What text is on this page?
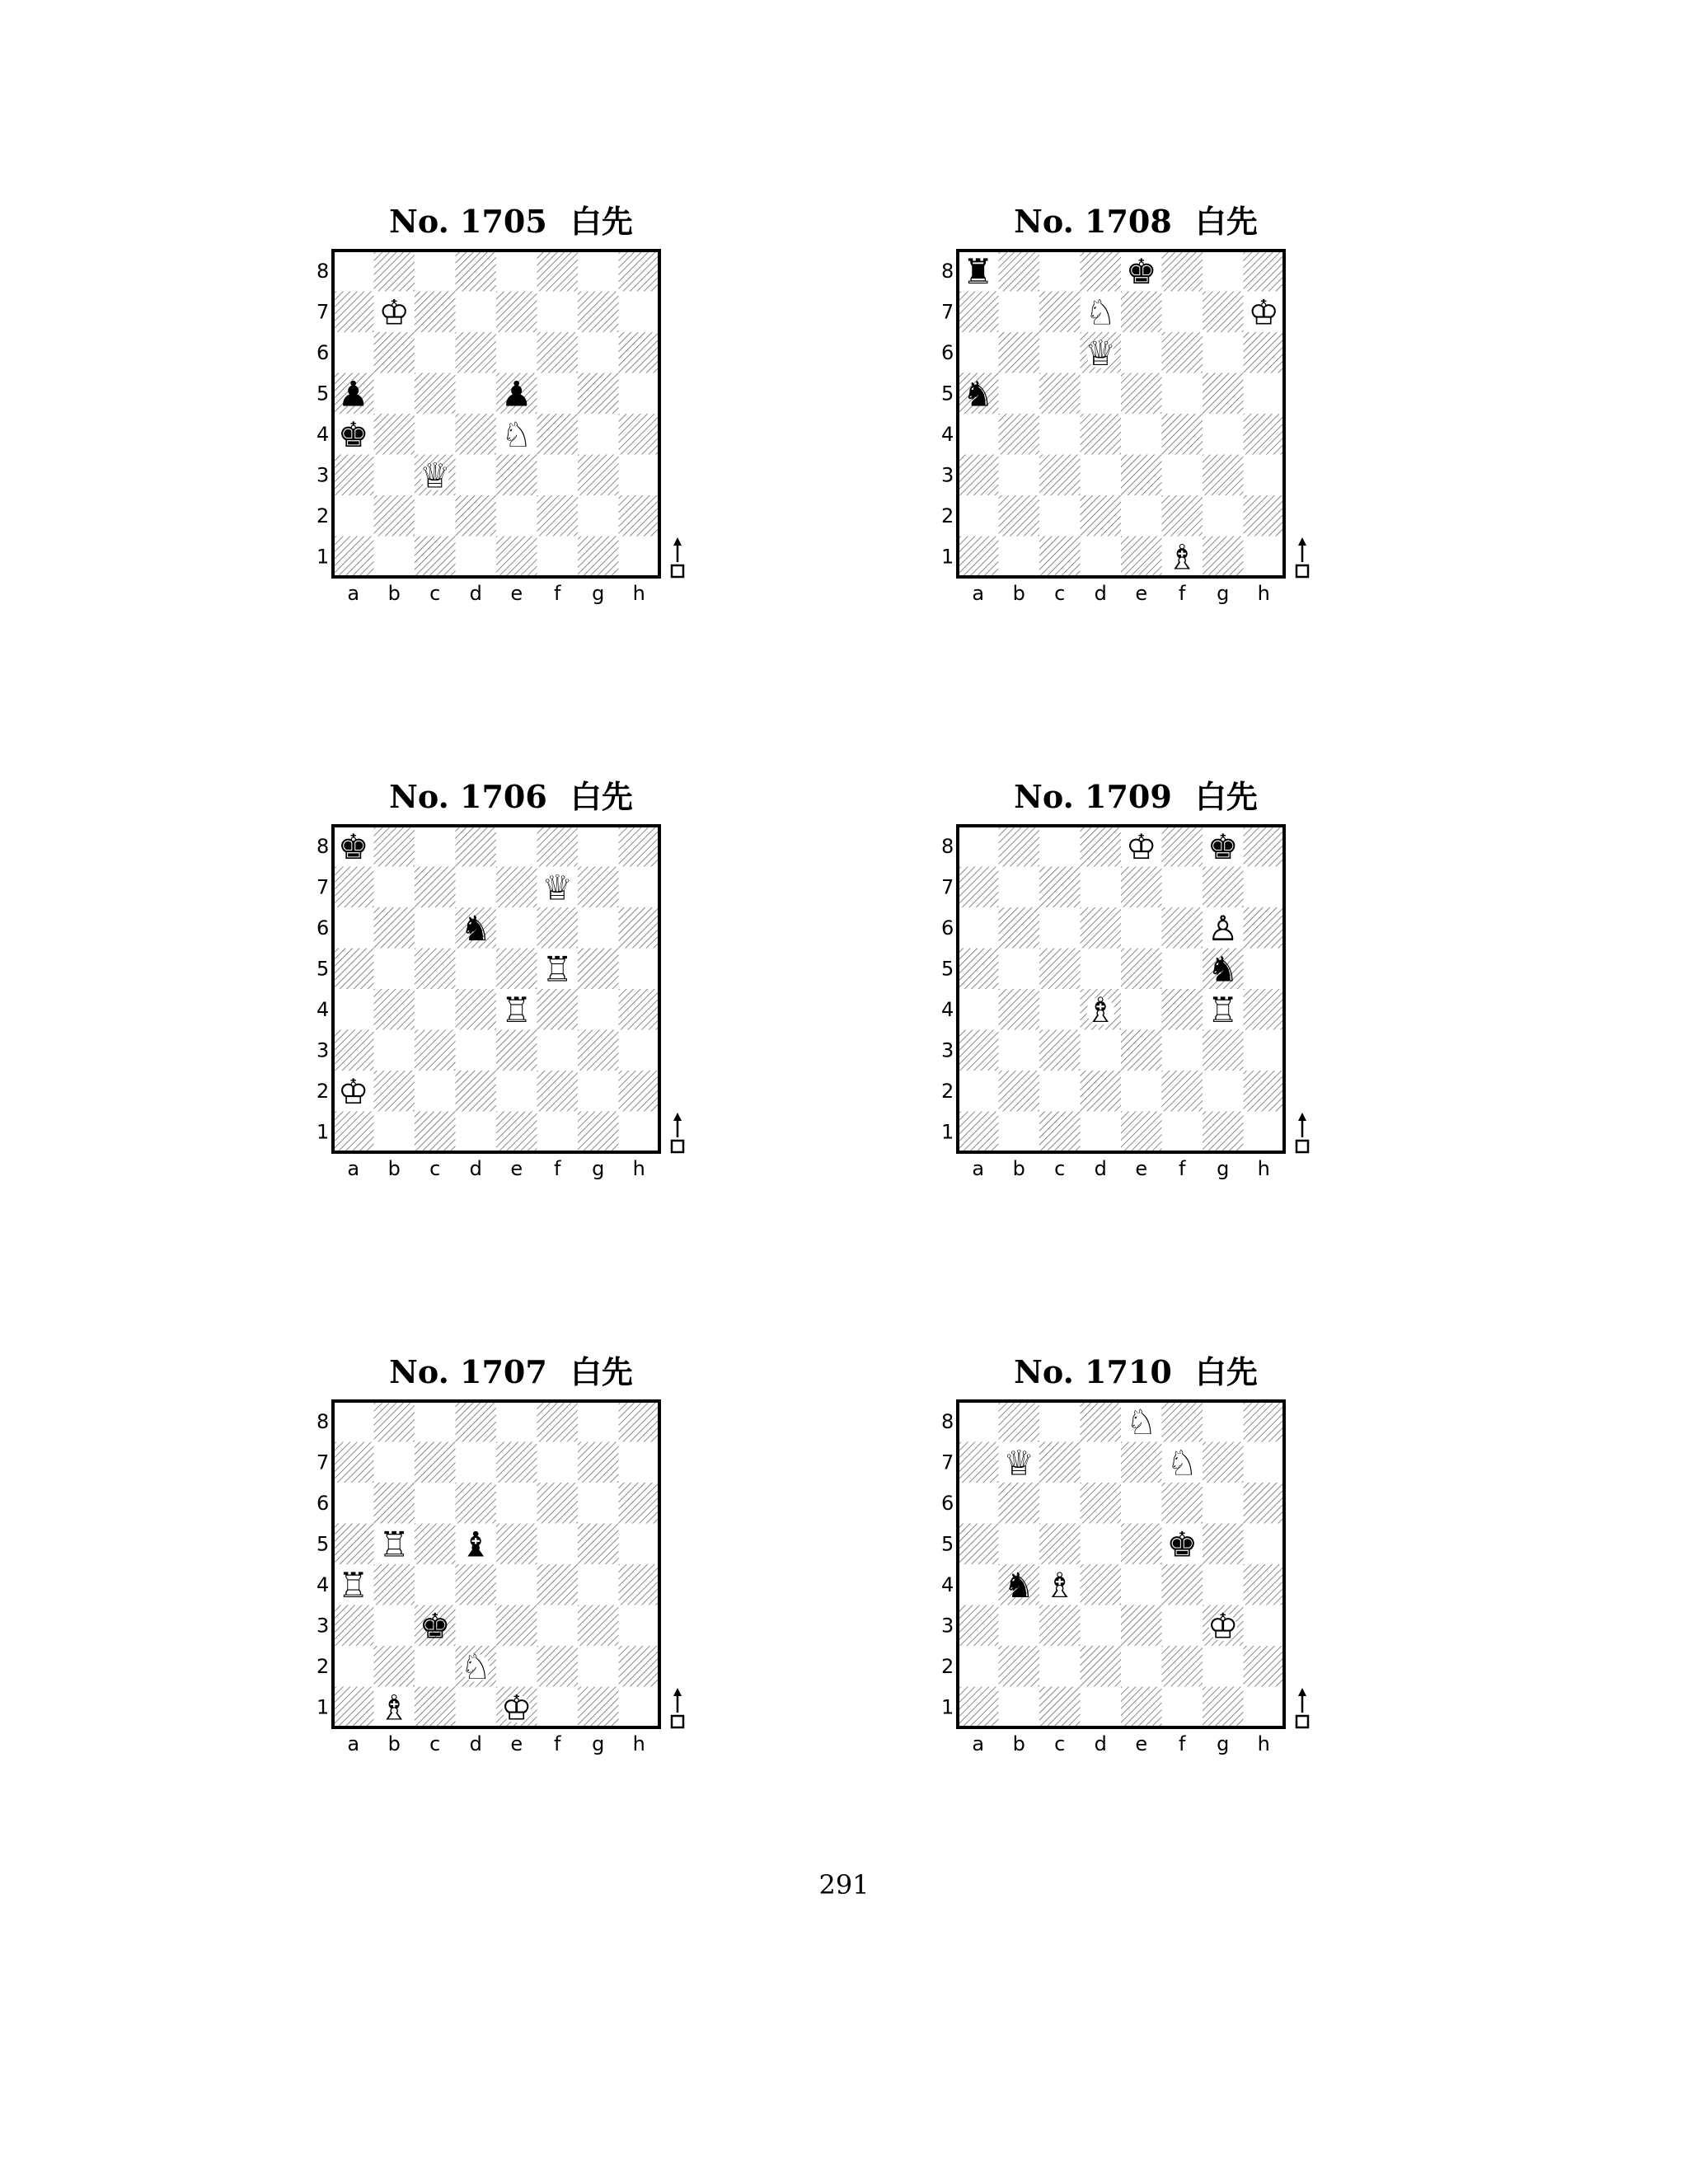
No. 1705 白先
8
7
6
5
4
3
2
1
a b c d e f g h
♔
♟	♟
♚	♘
♕
No. 1708 白先
8
7
6
5
4
3
2
1
a b c d e f g h
♜	♚
♘	♔
♕
♞
♗
No. 1706 白先
8
7
6
5
4
3
2
1
a b c d e f g h
♚
♕
♞
♖
♖
♔
No. 1709 白先
8
7
6
5
4
3
2
1
a b c d e f g h
♔ ♚
♙
♞
♗	♖
No. 1707 白先
8
7
6
5
4
3
2
1
a b c d e f g h
♖ ♝
♖
♚
♘
♗	♔
No. 1710 白先
8
7
6
5
4
3
2
1
a b c d e f g h
♘
♕	♘
♚
♞ ♗
♔
291
